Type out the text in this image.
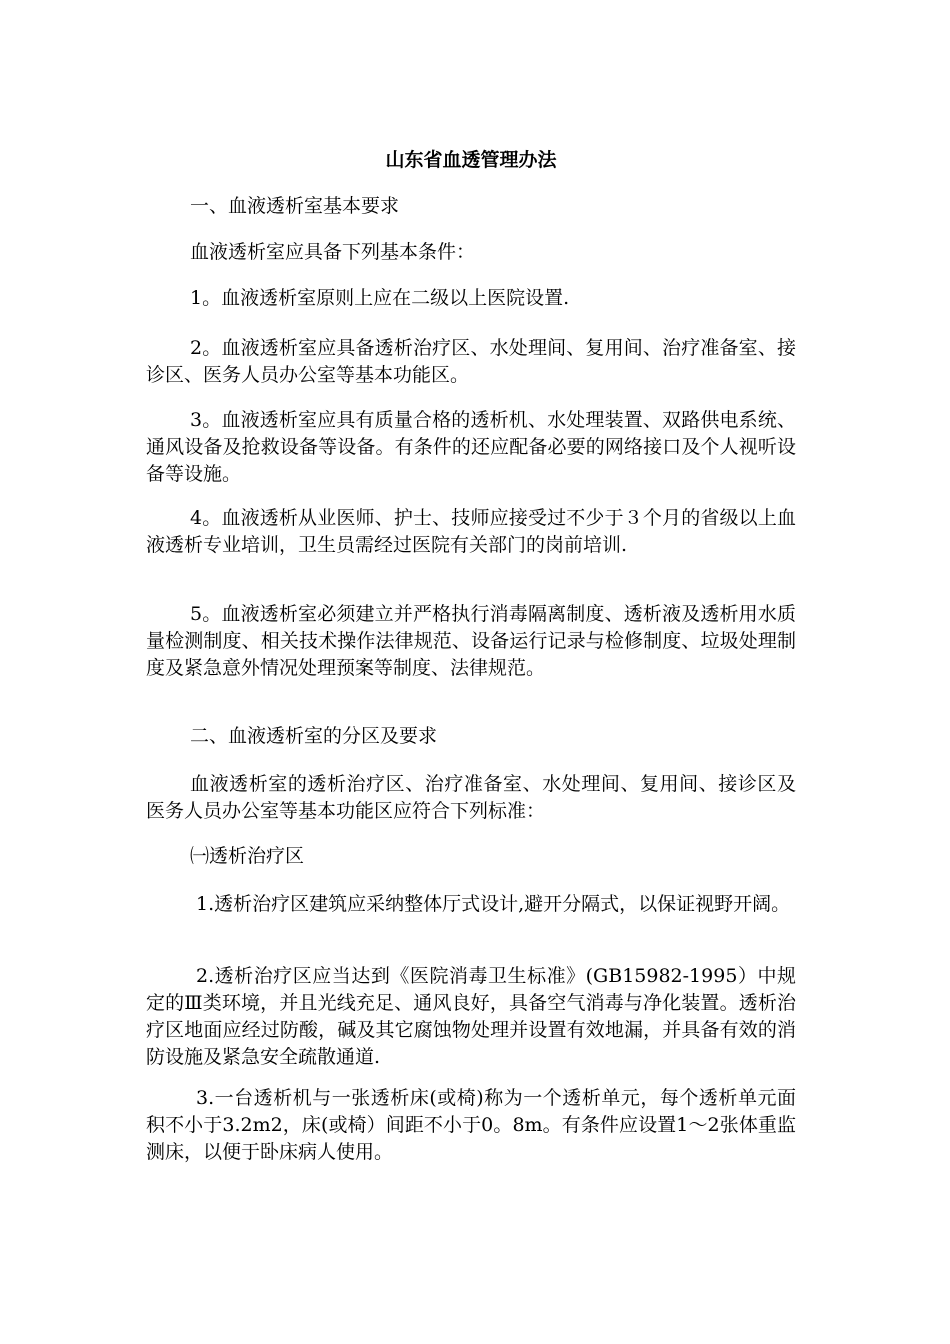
山东省血透管理办法

一、血液透析室基本要求

血液透析室应具备下列基本条件：

1。血液透析室原则上应在二级以上医院设置.

2。血液透析室应具备透析治疗区、水处理间、复用间、治疗准备室、接诊区、医务人员办公室等基本功能区。

3。血液透析室应具有质量合格的透析机、水处理装置、双路供电系统、通风设备及抢救设备等设备。有条件的还应配备必要的网络接口及个人视听设备等设施。

4。血液透析从业医师、护士、技师应接受过不少于３个月的省级以上血液透析专业培训，卫生员需经过医院有关部门的岗前培训.

5。血液透析室必须建立并严格执行消毒隔离制度、透析液及透析用水质量检测制度、相关技术操作法律规范、设备运行记录与检修制度、垃圾处理制度及紧急意外情况处理预案等制度、法律规范。

二、血液透析室的分区及要求

血液透析室的透析治疗区、治疗准备室、水处理间、复用间、接诊区及医务人员办公室等基本功能区应符合下列标准：

㈠透析治疗区

1.透析治疗区建筑应采纳整体厅式设计,避开分隔式，以保证视野开阔。

2.透析治疗区应当达到《医院消毒卫生标准》(GB15982-1995）中规定的Ⅲ类环境，并且光线充足、通风良好，具备空气消毒与净化装置。透析治疗区地面应经过防酸，碱及其它腐蚀物处理并设置有效地漏，并具备有效的消防设施及紧急安全疏散通道.

3.一台透析机与一张透析床(或椅)称为一个透析单元，每个透析单元面积不小于3.2m2，床(或椅）间距不小于0。8m。有条件应设置1～2张体重监测床，以便于卧床病人使用。
